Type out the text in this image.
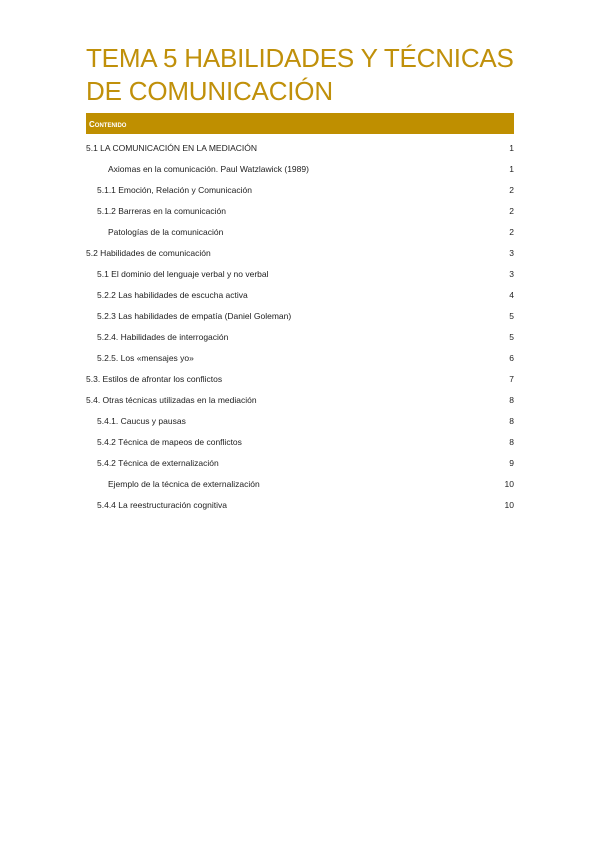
TEMA 5 HABILIDADES Y TÉCNICAS DE COMUNICACIÓN
Contenido
5.1 LA COMUNICACIÓN EN LA MEDIACIÓN	1
Axiomas en la comunicación. Paul Watzlawick (1989)	1
5.1.1 Emoción, Relación y Comunicación	2
5.1.2 Barreras en la comunicación	2
Patologías de la comunicación	2
5.2 Habilidades de comunicación	3
5.1 El dominio del lenguaje verbal y no verbal	3
5.2.2 Las habilidades de escucha activa	4
5.2.3 Las habilidades de empatía (Daniel Goleman)	5
5.2.4. Habilidades de interrogación	5
5.2.5. Los «mensajes yo»	6
5.3. Estilos de afrontar los conflictos	7
5.4. Otras técnicas utilizadas en la mediación	8
5.4.1. Caucus y pausas	8
5.4.2 Técnica de mapeos de conflictos	8
5.4.2 Técnica de externalización	9
Ejemplo de la técnica de externalización	10
5.4.4 La reestructuración cognitiva	10
